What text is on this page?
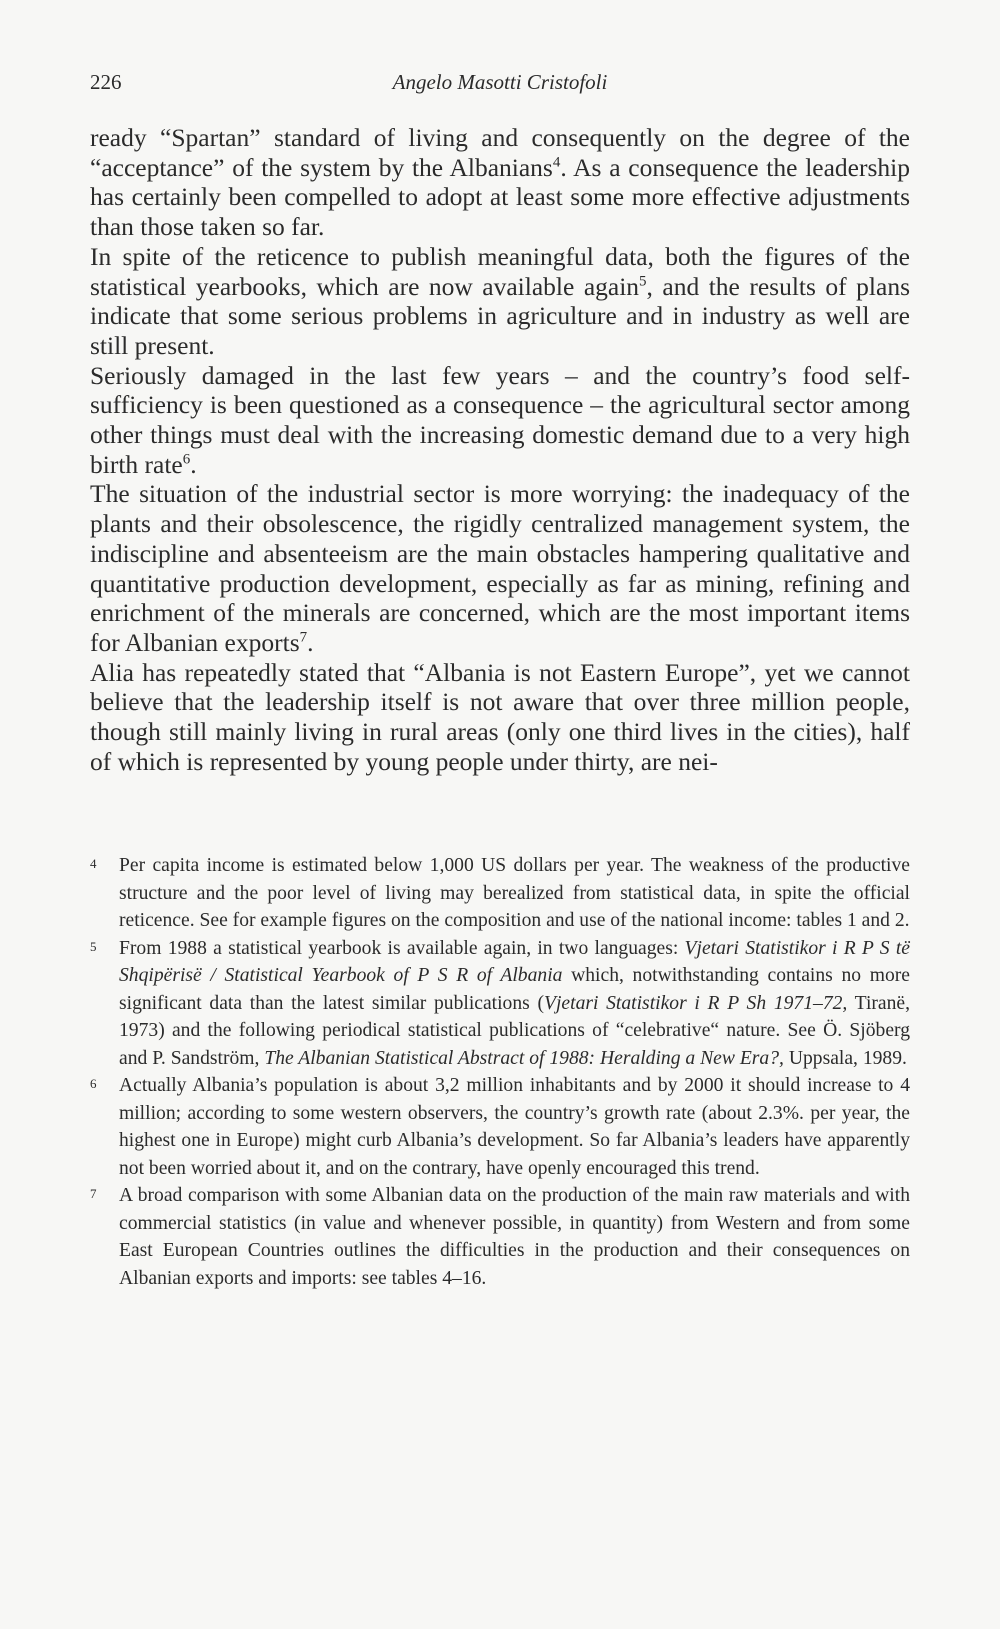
226	Angelo Masotti Cristofoli

ready “Spartan” standard of living and consequently on the degree of the “acceptance” of the system by the Albanians$^4$. As a consequence the leadership has certainly been compelled to adopt at least some more effective adjustments than those taken so far.

In spite of the reticence to publish meaningful data, both the figures of the statistical yearbooks, which are now available again$^5$, and the results of plans indicate that some serious problems in agriculture and in industry as well are still present.

Seriously damaged in the last few years – and the country’s food self-sufficiency is been questioned as a consequence – the agricultural sector among other things must deal with the increasing domestic demand due to a very high birth rate$^6$.

The situation of the industrial sector is more worrying: the inadequacy of the plants and their obsolescence, the rigidly centralized management system, the indiscipline and absenteeism are the main obstacles hampering qualitative and quantitative production development, especially as far as mining, refining and enrichment of the minerals are concerned, which are the most important items for Albanian exports$^7$.

Alia has repeatedly stated that “Albania is not Eastern Europe”, yet we cannot believe that the leadership itself is not aware that over three million people, though still mainly living in rural areas (only one third lives in the cities), half of which is represented by young people under thirty, are nei-

4 Per capita income is estimated below 1,000 US dollars per year. The weakness of the productive structure and the poor level of living may berealized from statistical data, in spite the official reticence. See for example figures on the composition and use of the national income: tables 1 and 2.

5 From 1988 a statistical yearbook is available again, in two languages: Vjetari Statistikor i R P S të Shqipërisë / Statistical Yearbook of P S R of Albania which, notwithstanding contains no more significant data than the latest similar publications (Vjetari Statistikor i R P Sh 1971–72, Tiranë, 1973) and the following periodical statistical publications of “celebrative“ nature. See Ö. Sjöberg and P. Sandström, The Albanian Statistical Abstract of 1988: Heralding a New Era?, Uppsala, 1989.

6 Actually Albania’s population is about 3,2 million inhabitants and by 2000 it should increase to 4 million; according to some western observers, the country’s growth rate (about 2.3%. per year, the highest one in Europe) might curb Albania’s development. So far Albania’s leaders have apparently not been worried about it, and on the contrary, have openly encouraged this trend.

7 A broad comparison with some Albanian data on the production of the main raw materials and with commercial statistics (in value and whenever possible, in quantity) from Western and from some East European Countries outlines the difficulties in the production and their consequences on Albanian exports and imports: see tables 4–16.
